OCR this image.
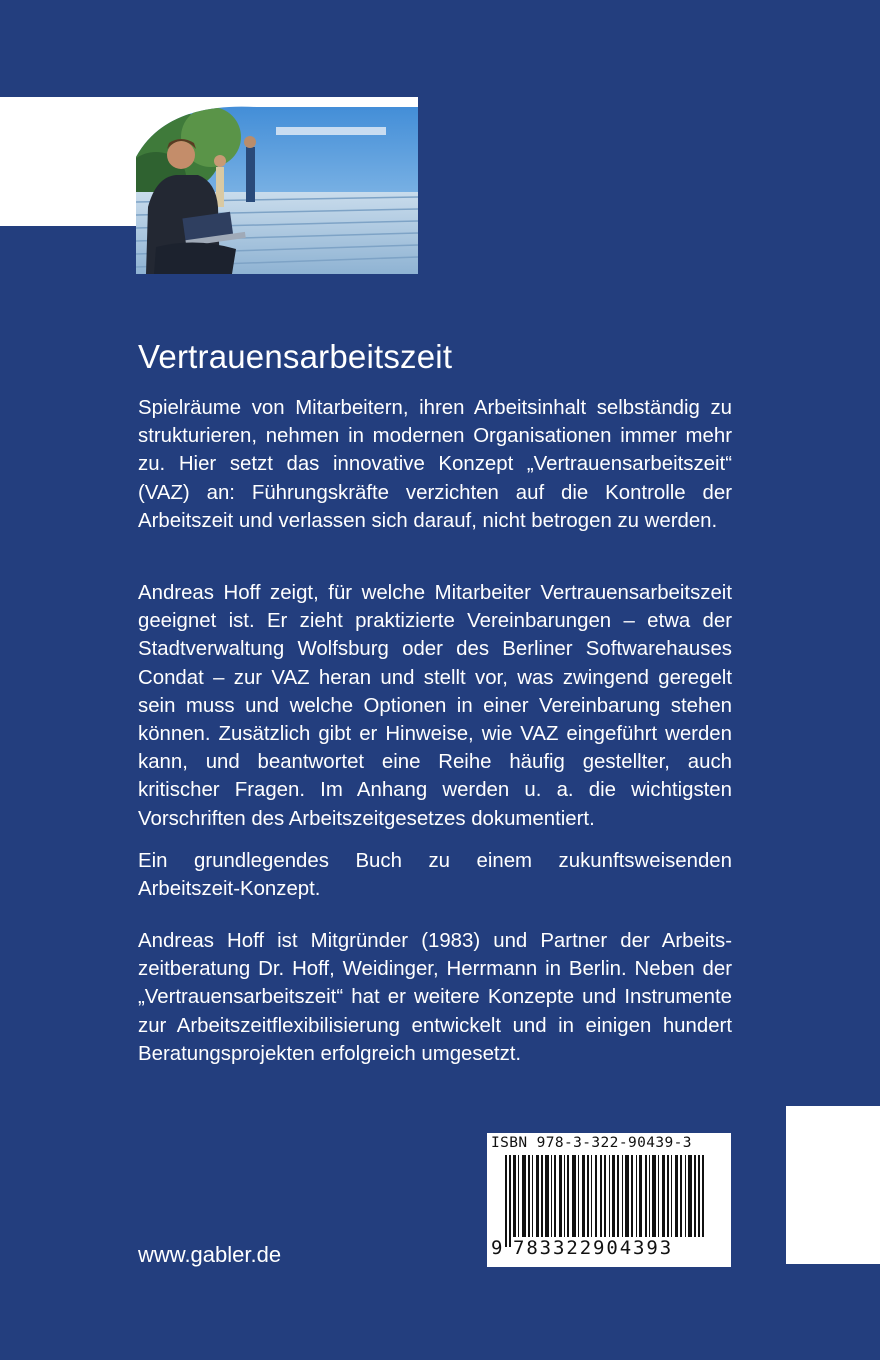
Vertrauensarbeitszeit

Spielräume von Mitarbeitern, ihren Arbeitsinhalt selbständig zu strukturieren, nehmen in modernen Organisationen immer mehr zu. Hier setzt das innovative Konzept „Vertrauensarbeitszeit“ (VAZ) an: Führungskräfte verzichten auf die Kontrolle der Arbeitszeit und verlassen sich darauf, nicht betrogen zu werden.

Andreas Hoff zeigt, für welche Mitarbeiter Vertrauensarbeitszeit geeignet ist. Er zieht praktizierte Vereinbarungen – etwa der Stadtverwaltung Wolfsburg oder des Berliner Softwarehauses Condat – zur VAZ heran und stellt vor, was zwingend geregelt sein muss und welche Optionen in einer Vereinbarung stehen können. Zusätzlich gibt er Hinweise, wie VAZ eingeführt werden kann, und beantwortet eine Reihe häufig gestellter, auch kritischer Fragen. Im Anhang werden u. a. die wichtigsten Vorschriften des Arbeitszeitgesetzes dokumentiert.

Ein grundlegendes Buch zu einem zukunftsweisenden Arbeitszeit-Konzept.

Andreas Hoff ist Mitgründer (1983) und Partner der Arbeitszeitberatung Dr. Hoff, Weidinger, Herrmann in Berlin. Neben der „Vertrauensarbeitszeit“ hat er weitere Konzepte und Instrumente zur Arbeitszeitflexibilisierung entwickelt und in einigen hundert Beratungsprojekten erfolgreich umgesetzt.

www.gabler.de
ISBN 978-3-322-90439-3
9 783322904393
